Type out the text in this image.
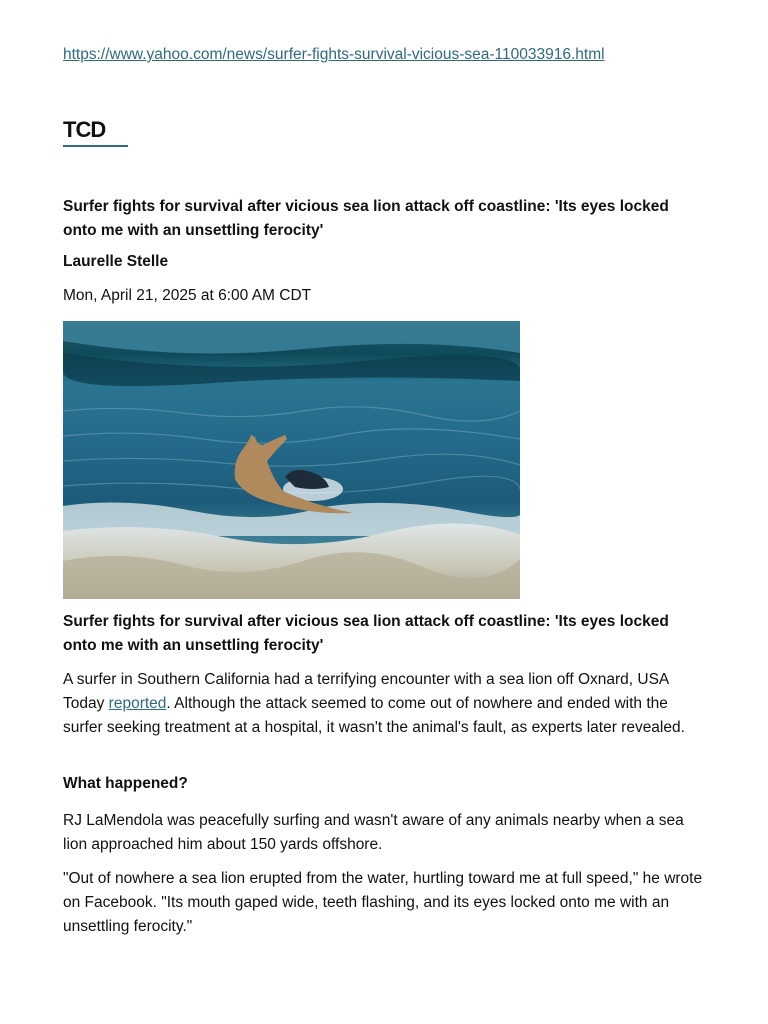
https://www.yahoo.com/news/surfer-fights-survival-vicious-sea-110033916.html
TCD
Surfer fights for survival after vicious sea lion attack off coastline: 'Its eyes locked onto me with an unsettling ferocity'
Laurelle Stelle
Mon, April 21, 2025 at 6:00 AM CDT
Surfer fights for survival after vicious sea lion attack off coastline: 'Its eyes locked onto me with an unsettling ferocity'
A surfer in Southern California had a terrifying encounter with a sea lion off Oxnard, USA Today reported. Although the attack seemed to come out of nowhere and ended with the surfer seeking treatment at a hospital, it wasn't the animal's fault, as experts later revealed.
What happened?
RJ LaMendola was peacefully surfing and wasn't aware of any animals nearby when a sea lion approached him about 150 yards offshore.
"Out of nowhere a sea lion erupted from the water, hurtling toward me at full speed," he wrote on Facebook. "Its mouth gaped wide, teeth flashing, and its eyes locked onto me with an unsettling ferocity."
